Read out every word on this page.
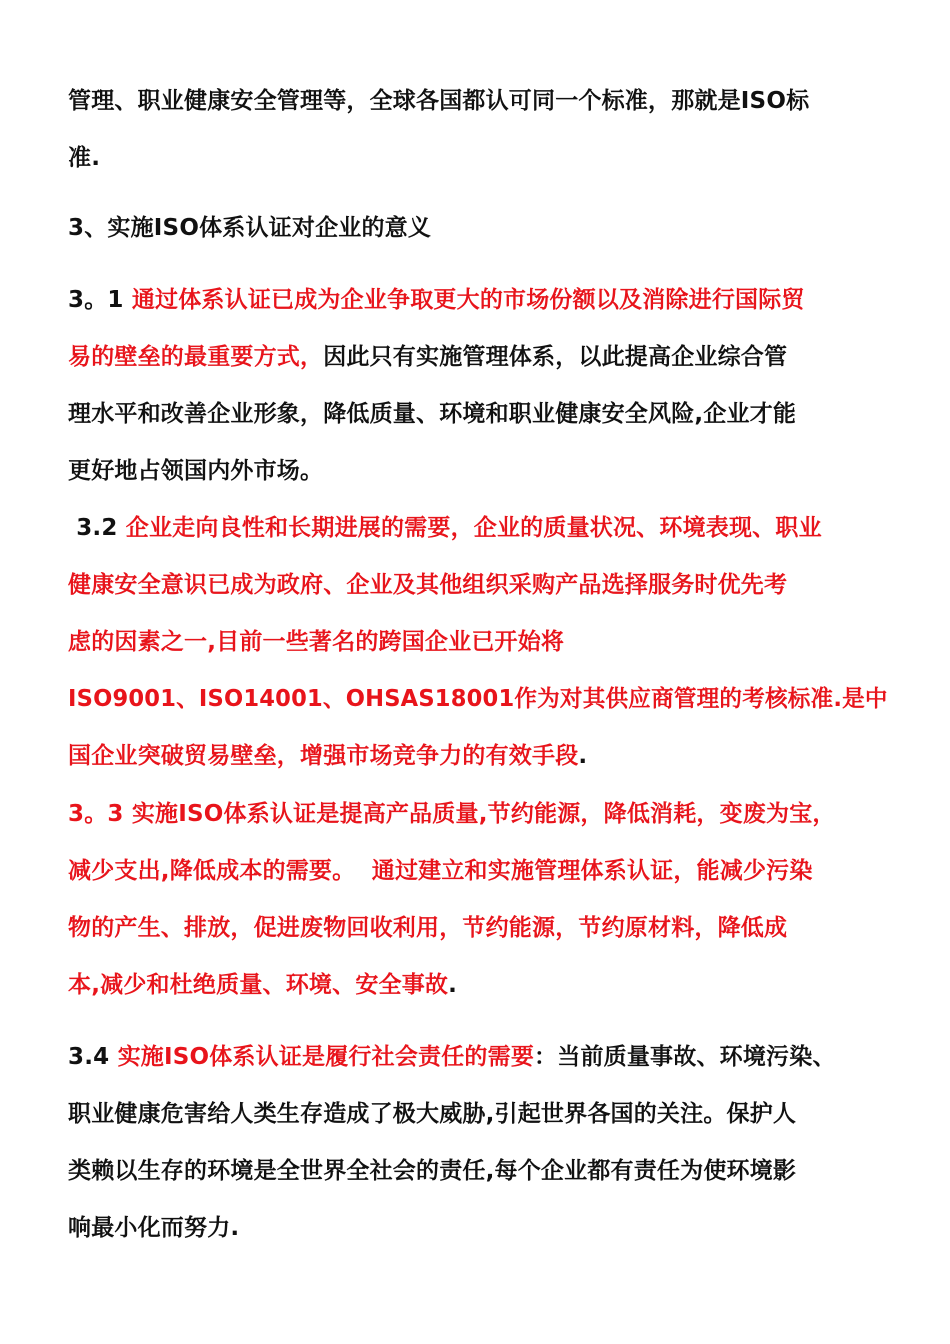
管理、职业健康安全管理等，全球各国都认可同一个标准，那就是ISO标
准.
3、实施ISO体系认证对企业的意义
3。1 通过体系认证已成为企业争取更大的市场份额以及消除进行国际贸
易的壁垒的最重要方式，因此只有实施管理体系，以此提高企业综合管
理水平和改善企业形象，降低质量、环境和职业健康安全风险,企业才能
更好地占领国内外市场。
3.2 企业走向良性和长期进展的需要，企业的质量状况、环境表现、职业
健康安全意识已成为政府、企业及其他组织采购产品选择服务时优先考
虑的因素之一,目前一些著名的跨国企业已开始将
ISO9001、ISO14001、OHSAS18001作为对其供应商管理的考核标准.是中
国企业突破贸易壁垒，增强市场竞争力的有效手段.
3。3 实施ISO体系认证是提高产品质量,节约能源，降低消耗，变废为宝，
减少支出,降低成本的需要。  通过建立和实施管理体系认证，能减少污染
物的产生、排放，促进废物回收利用，节约能源，节约原材料，降低成
本,减少和杜绝质量、环境、安全事故.
3.4 实施ISO体系认证是履行社会责任的需要：当前质量事故、环境污染、
职业健康危害给人类生存造成了极大威胁,引起世界各国的关注。保护人
类赖以生存的环境是全世界全社会的责任,每个企业都有责任为使环境影
响最小化而努力.
